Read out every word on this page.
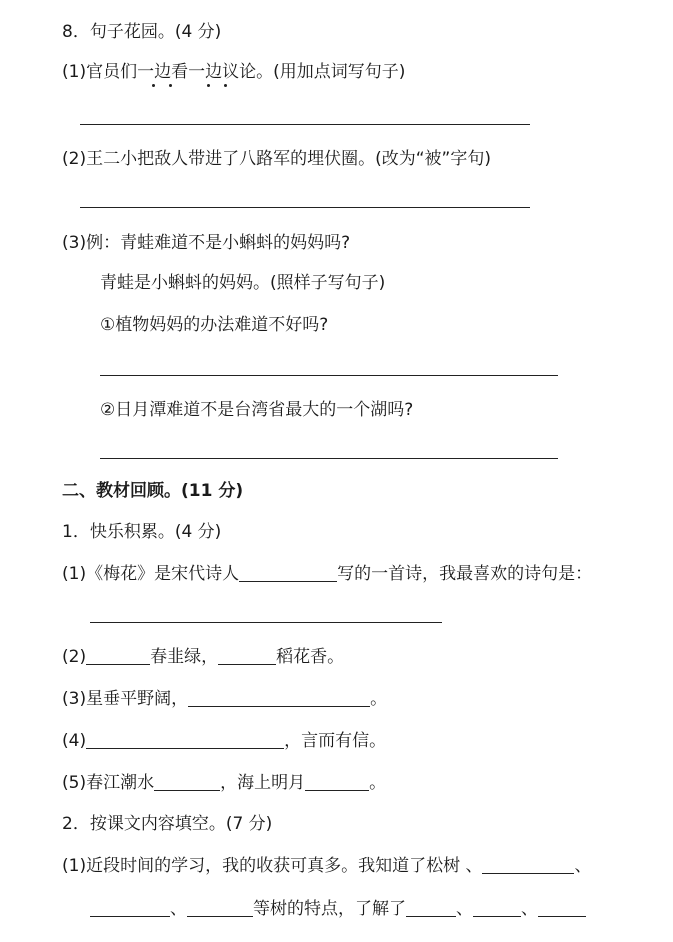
8．句子花园。(4 分)
(1)官员们一边看一边议论。(用加点词写句子)
(2)王二小把敌人带进了八路军的埋伏圈。(改为“被”字句)
(3)例：青蛙难道不是小蝌蚪的妈妈吗?
青蛙是小蝌蚪的妈妈。(照样子写句子)
①植物妈妈的办法难道不好吗?
②日月潭难道不是台湾省最大的一个湖吗?
二、教材回顾。(11 分)
1．快乐积累。(4 分)
(1)《梅花》是宋代诗人	写的一首诗，我最喜欢的诗句是：
(2)	春韭绿，	稻花香。
(3)星垂平野阔，	。
(4)	，言而有信。
(5)春江潮水	，海上明月	。
2．按课文内容填空。(7 分)
(1)近段时间的学习，我的收获可真多。我知道了松树 、	、
、	等树的特点，了解了	、	、
